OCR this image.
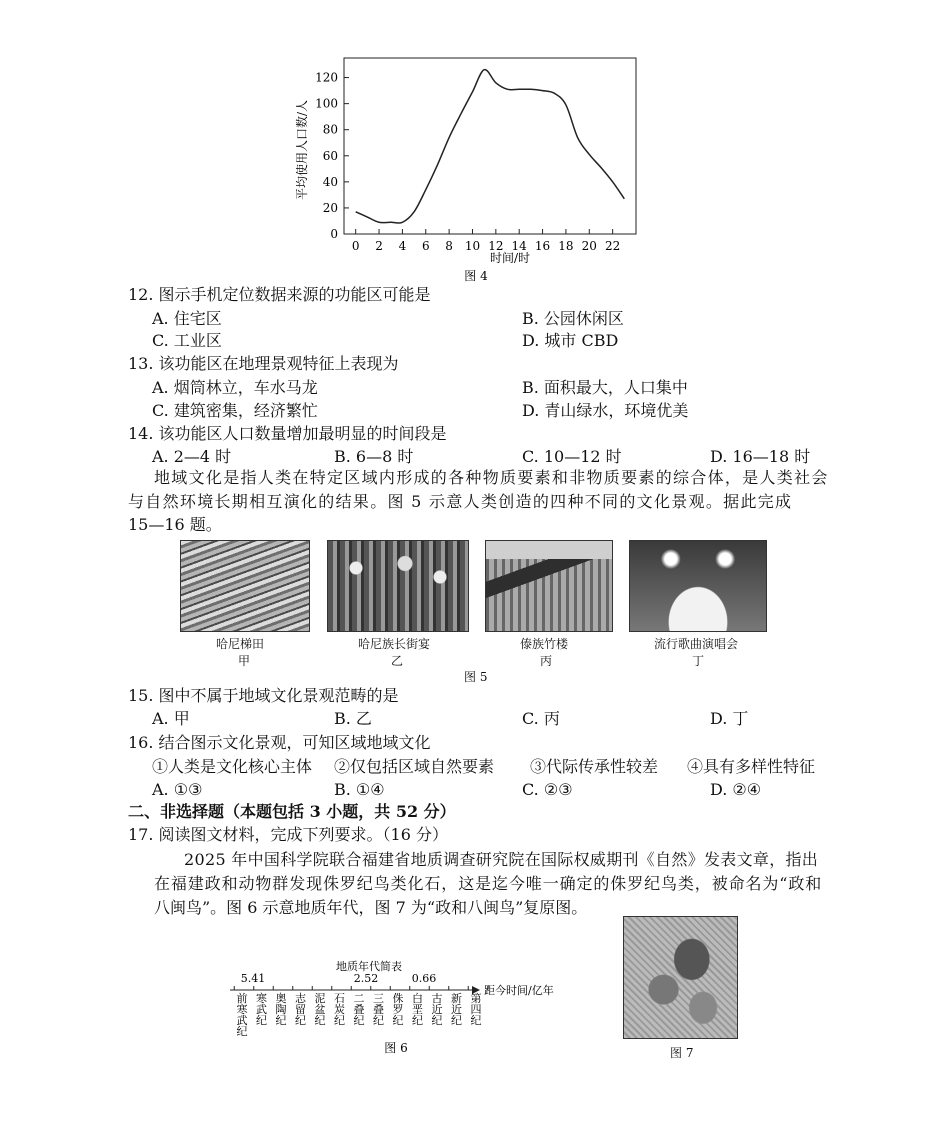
0
20
40
60
80
100
120
0 2 4 6 8 10 12 14 16 18 20 22
平均使用人口数/人
时间/时
图 4
12. 图示手机定位数据来源的功能区可能是
A. 住宅区	B. 公园休闲区
C. 工业区	D. 城市 CBD
13. 该功能区在地理景观特征上表现为
A. 烟筒林立，车水马龙	B. 面积最大，人口集中
C. 建筑密集，经济繁忙	D. 青山绿水，环境优美
14. 该功能区人口数量增加最明显的时间段是
A. 2—4 时	B. 6—8 时	C. 10—12 时	D. 16—18 时
地域文化是指人类在特定区域内形成的各种物质要素和非物质要素的综合体，是人类社会
与自然环境长期相互演化的结果。图 5 示意人类创造的四种不同的文化景观。据此完成
15—16 题。
哈尼梯田
甲
哈尼族长街宴
乙
傣族竹楼
丙
流行歌曲演唱会
丁
图 5
15. 图中不属于地域文化景观范畴的是
A. 甲	B. 乙	C. 丙	D. 丁
16. 结合图示文化景观，可知区域地域文化
①人类是文化核心主体 ②仅包括区域自然要素 ③代际传承性较差 ④具有多样性特征
A. ①③	B. ①④	C. ②③	D. ②④
二、非选择题（本题包括 3 小题，共 52 分）
17. 阅读图文材料，完成下列要求。（16 分）
2025 年中国科学院联合福建省地质调查研究院在国际权威期刊《自然》发表文章，指出
在福建政和动物群发现侏罗纪鸟类化石，这是迄今唯一确定的侏罗纪鸟类，被命名为“政和
八闽鸟”。图 6 示意地质年代，图 7 为“政和八闽鸟”复原图。
地质年代简表
5.41	2.52	0.66
距今时间/亿年
前寒武纪
寒武纪
奥陶纪
志留纪
泥盆纪
石炭纪
二叠纪
三叠纪
侏罗纪
白垩纪
古近纪
新近纪
第四纪
图 6	图 7
